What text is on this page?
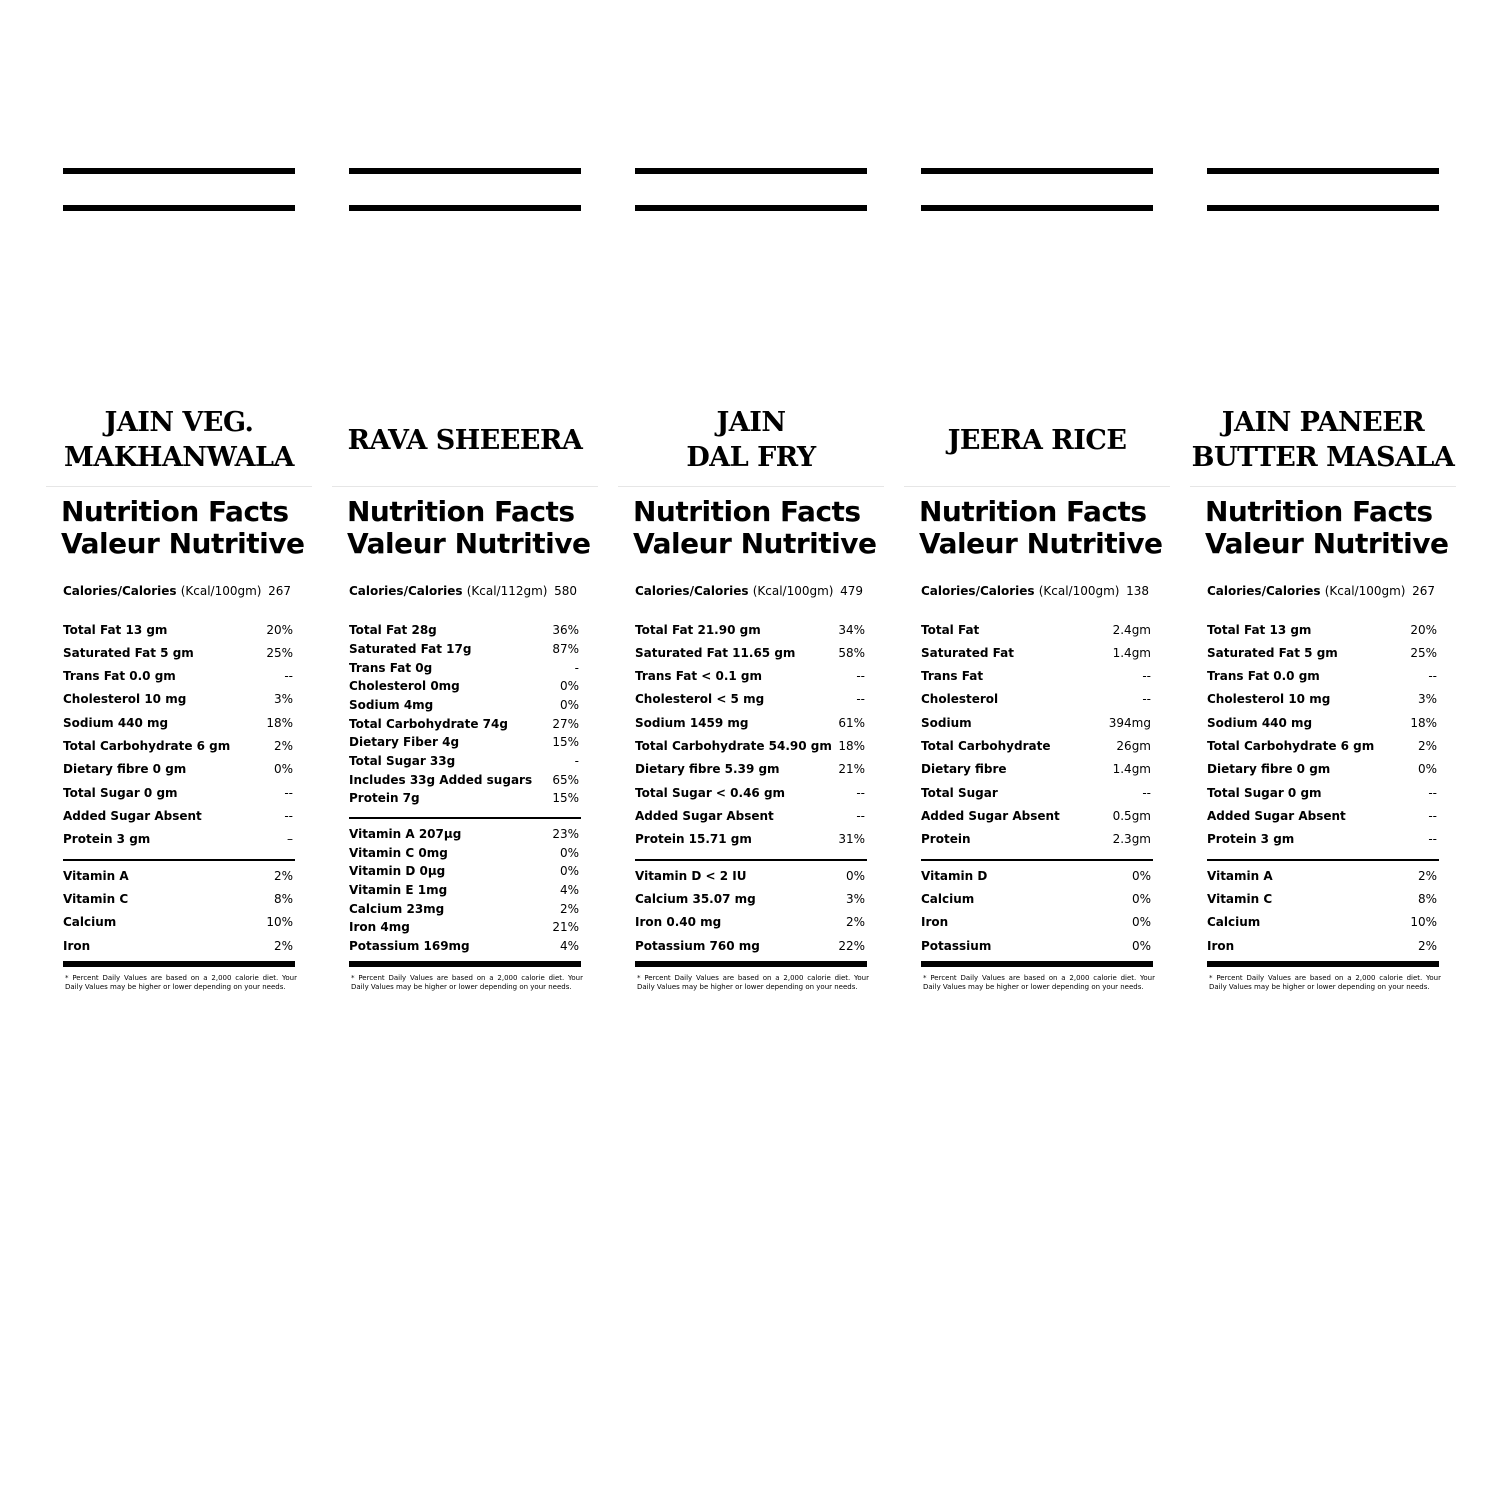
JAIN VEG.
MAKHANWALA
Nutrition Facts
Valeur Nutritive
Calories/Calories (Kcal/100gm) 267
Total Fat 13 gm	20%
Saturated Fat 5 gm	25%
Trans Fat 0.0 gm	--
Cholesterol 10 mg	3%
Sodium 440 mg	18%
Total Carbohydrate 6 gm	2%
Dietary fibre 0 gm	0%
Total Sugar 0 gm	--
Added Sugar Absent	--
Protein 3 gm	–
Vitamin A	2%
Vitamin C	8%
Calcium	10%
Iron	2%
* Percent Daily Values are based on a 2,000 calorie diet. Your Daily Values may be higher or lower depending on your needs.
RAVA SHEEERA
Nutrition Facts
Valeur Nutritive
Calories/Calories (Kcal/112gm) 580
Total Fat 28g	36%
Saturated Fat 17g	87%
Trans Fat 0g	-
Cholesterol 0mg	0%
Sodium 4mg	0%
Total Carbohydrate 74g	27%
Dietary Fiber 4g	15%
Total Sugar 33g	-
Includes 33g Added sugars 65%
Protein 7g	15%
Vitamin A 207µg	23%
Vitamin C 0mg	0%
Vitamin D 0µg	0%
Vitamin E 1mg	4%
Calcium 23mg	2%
Iron 4mg	21%
Potassium 169mg	4%
* Percent Daily Values are based on a 2,000 calorie diet. Your Daily Values may be higher or lower depending on your needs.
JAIN
DAL FRY
Nutrition Facts
Valeur Nutritive
Calories/Calories (Kcal/100gm) 479
Total Fat 21.90 gm	34%
Saturated Fat 11.65 gm	58%
Trans Fat < 0.1 gm	--
Cholesterol < 5 mg	--
Sodium 1459 mg	61%
Total Carbohydrate 54.90 gm 18%
Dietary fibre 5.39 gm	21%
Total Sugar < 0.46 gm	--
Added Sugar Absent	--
Protein 15.71 gm	31%
Vitamin D < 2 IU	0%
Calcium 35.07 mg	3%
Iron 0.40 mg	2%
Potassium 760 mg	22%
* Percent Daily Values are based on a 2,000 calorie diet. Your Daily Values may be higher or lower depending on your needs.
JEERA RICE
Nutrition Facts
Valeur Nutritive
Calories/Calories (Kcal/100gm) 138
Total Fat	2.4gm
Saturated Fat	1.4gm
Trans Fat	--
Cholesterol	--
Sodium	394mg
Total Carbohydrate	26gm
Dietary fibre	1.4gm
Total Sugar	--
Added Sugar Absent	0.5gm
Protein	2.3gm
Vitamin D	0%
Calcium	0%
Iron	0%
Potassium	0%
* Percent Daily Values are based on a 2,000 calorie diet. Your Daily Values may be higher or lower depending on your needs.
JAIN PANEER
BUTTER MASALA
Nutrition Facts
Valeur Nutritive
Calories/Calories (Kcal/100gm) 267
Total Fat 13 gm	20%
Saturated Fat 5 gm	25%
Trans Fat 0.0 gm	--
Cholesterol 10 mg	3%
Sodium 440 mg	18%
Total Carbohydrate 6 gm	2%
Dietary fibre 0 gm	0%
Total Sugar 0 gm	--
Added Sugar Absent	--
Protein 3 gm	--
Vitamin A	2%
Vitamin C	8%
Calcium	10%
Iron	2%
* Percent Daily Values are based on a 2,000 calorie diet. Your Daily Values may be higher or lower depending on your needs.
